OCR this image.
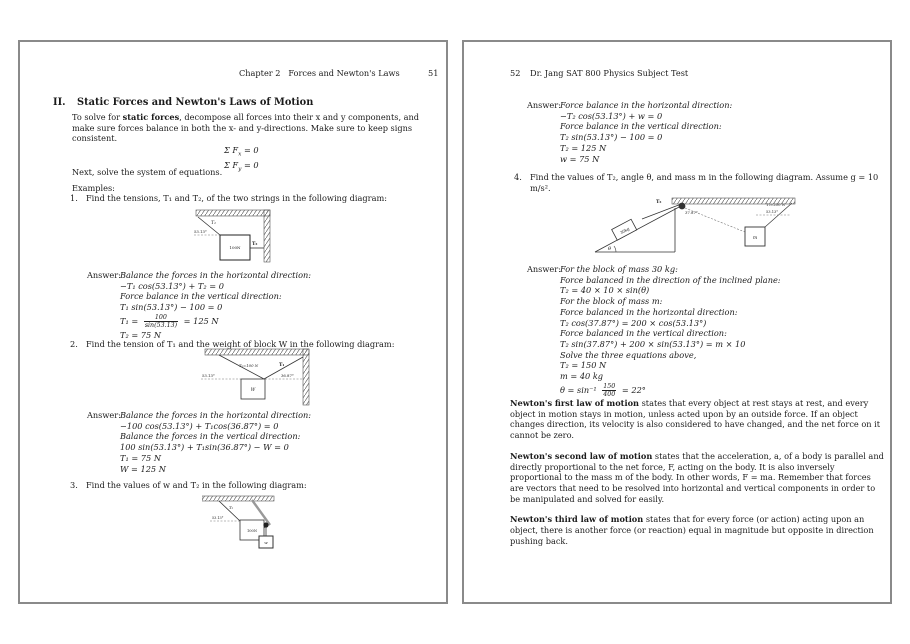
Chapter 2   Forces and Newton's Laws	51
II. Static Forces and Newton's Laws of Motion
To solve for static forces, decompose all forces into their x and y components, and
make sure forces balance in both the x- and y-directions. Make sure to keep signs
consistent.
Σ $F_x = 0$
Σ $F_y = 0$
Next, solve the system of equations.
Examples:
1. Find the tensions, T₁ and T₂, of the two strings in the following diagram:
53.13°
T₁
100N
T₂
Answer: Balance the forces in the horizontal direction:
−T₁ cos(53.13°) + T₂ = 0
Force balance in the vertical direction:
T₁ sin(53.13°) − 100 = 0
$T_1 = \frac{100}{\sin(53.13)} = 125$ N
T₂ = 75 N
2. Find the tension of T₁ and the weight of block W in the following diagram:
53.13°
T₂=100 N	T₁
36.87°
W
Answer: Balance the forces in the horizontal direction:
−100 cos(53.13°) + T₁cos(36.87°) = 0
Balance the forces in the vertical direction:
100 sin(53.13°) + T₁sin(36.87°) − W = 0
T₁ = 75 N
W = 125 N
3. Find the values of w and T₂ in the following diagram:
T₂
53.13°
100N
w
52 Dr. Jang SAT 800 Physics Subject Test
Answer: Force balance in the horizontal direction:
−T₂ cos(53.13°) + w = 0
Force balance in the vertical direction:
T₂ sin(53.13°) − 100 = 0
T₂ = 125 N
w = 75 N
4. Find the values of T₂, angle θ, and mass m in the following diagram. Assume g = 10
m/s².
θ
30kg
T₂
37.87°
m
T₁=200 N
53.13°
Answer: For the block of mass 30 kg:
Force balanced in the direction of the inclined plane:
T₂ = 40 × 10 × sin(θ)
For the block of mass m:
Force balanced in the horizontal direction:
T₂ cos(37.87°) = 200 × cos(53.13°)
Force balanced in the vertical direction:
T₂ sin(37.87°) + 200 × sin(53.13°) = m × 10
Solve the three equations above,
T₂ = 150 N
m = 40 kg
$\theta = \sin^{-1} \frac{150}{400} = 22^\circ$
Newton's first law of motion states that every object at rest stays at rest, and every
object in motion stays in motion, unless acted upon by an outside force. If an object
changes direction, its velocity is also considered to have changed, and the net force on it
cannot be zero.
Newton's second law of motion states that the acceleration, a, of a body is parallel and
directly proportional to the net force, F, acting on the body. It is also inversely
proportional to the mass m of the body. In other words, F = ma. Remember that forces
are vectors that need to be resolved into horizontal and vertical components in order to
be manipulated and solved for easily.
Newton's third law of motion states that for every force (or action) acting upon an
object, there is another force (or reaction) equal in magnitude but opposite in direction
pushing back.
